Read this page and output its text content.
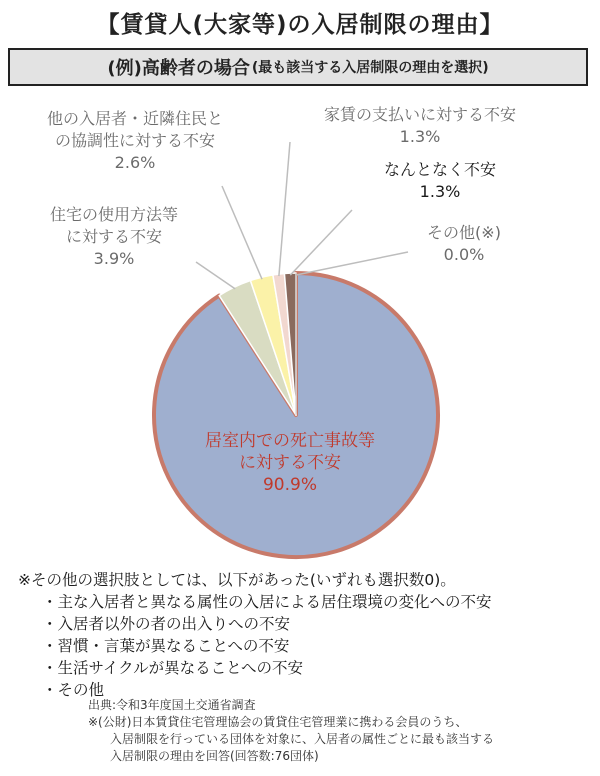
【賃貸人(大家等)の入居制限の理由】
(例)高齢者の場合 (最も該当する入居制限の理由を選択)
他の入居者・近隣住民と
の協調性に対する不安
2.6%
家賃の支払いに対する不安
1.3%
なんとなく不安
1.3%
その他(※)
0.0%
住宅の使用方法等
に対する不安
3.9%
居室内での死亡事故等
に対する不安
90.9%
※その他の選択肢としては、以下があった(いずれも選択数0)。
・主な入居者と異なる属性の入居による居住環境の変化への不安
・入居者以外の者の出入りへの不安
・習慣・言葉が異なることへの不安
・生活サイクルが異なることへの不安
・その他
出典:令和3年度国土交通省調査
※(公財)日本賃貸住宅管理協会の賃貸住宅管理業に携わる会員のうち、
入居制限を行っている団体を対象に、入居者の属性ごとに最も該当する
入居制限の理由を回答(回答数:76団体)
